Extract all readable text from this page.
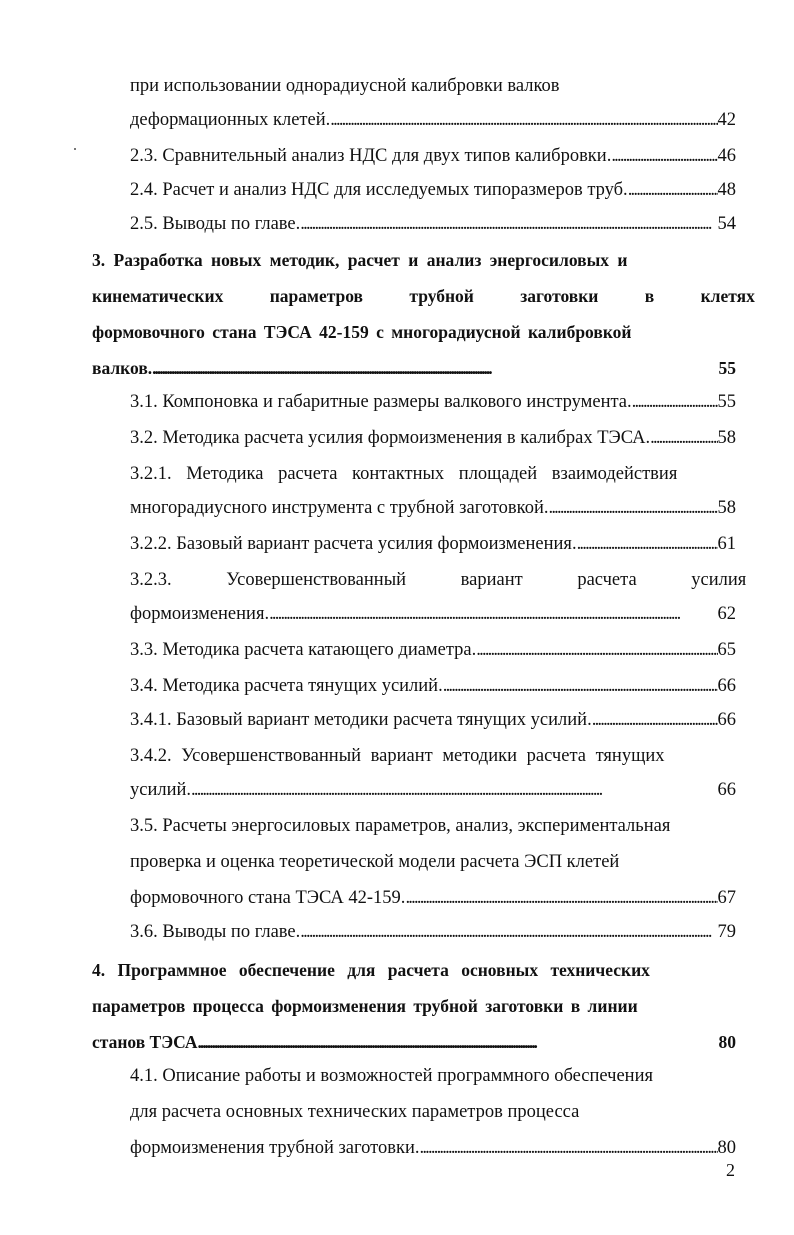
при использовании однорадиусной калибровки валков
деформационных клетей. . . .	42
2.3. Сравнительный анализ НДС для двух типов калибровки. . . .	46
2.4. Расчет и анализ НДС для исследуемых типоразмеров труб. . . .	48
2.5. Выводы по главе. . . .	54
3. Разработка новых методик, расчет и анализ энергосиловых и
кинематических параметров трубной заготовки в клетях
формовочного стана ТЭСА 42-159 с многорадиусной калибровкой
валков. . . .	55
3.1. Компоновка и габаритные размеры валкового инструмента. . . .	55
3.2. Методика расчета усилия формоизменения в калибрах ТЭСА. . . .	58
3.2.1. Методика расчета контактных площадей взаимодействия
многорадиусного инструмента с трубной заготовкой. . . .	58
3.2.2. Базовый вариант расчета усилия формоизменения. . . .	61
3.2.3. Усовершенствованный вариант расчета усилия
формоизменения. . . .	62
3.3. Методика расчета катающего диаметра. . . .	65
3.4. Методика расчета тянущих усилий. . . .	66
3.4.1. Базовый вариант методики расчета тянущих усилий. . . .	66
3.4.2. Усовершенствованный вариант методики расчета тянущих
усилий. . . .	66
3.5. Расчеты энергосиловых параметров, анализ, экспериментальная
проверка и оценка теоретической модели расчета ЭСП клетей
формовочного стана ТЭСА 42-159. . . .	67
3.6. Выводы по главе. . . .	79
4. Программное обеспечение для расчета основных технических
параметров процесса формоизменения трубной заготовки в линии
станов ТЭСА . . .	80
4.1. Описание работы и возможностей программного обеспечения
для расчета основных технических параметров процесса
формоизменения трубной заготовки. . . .	80
2
